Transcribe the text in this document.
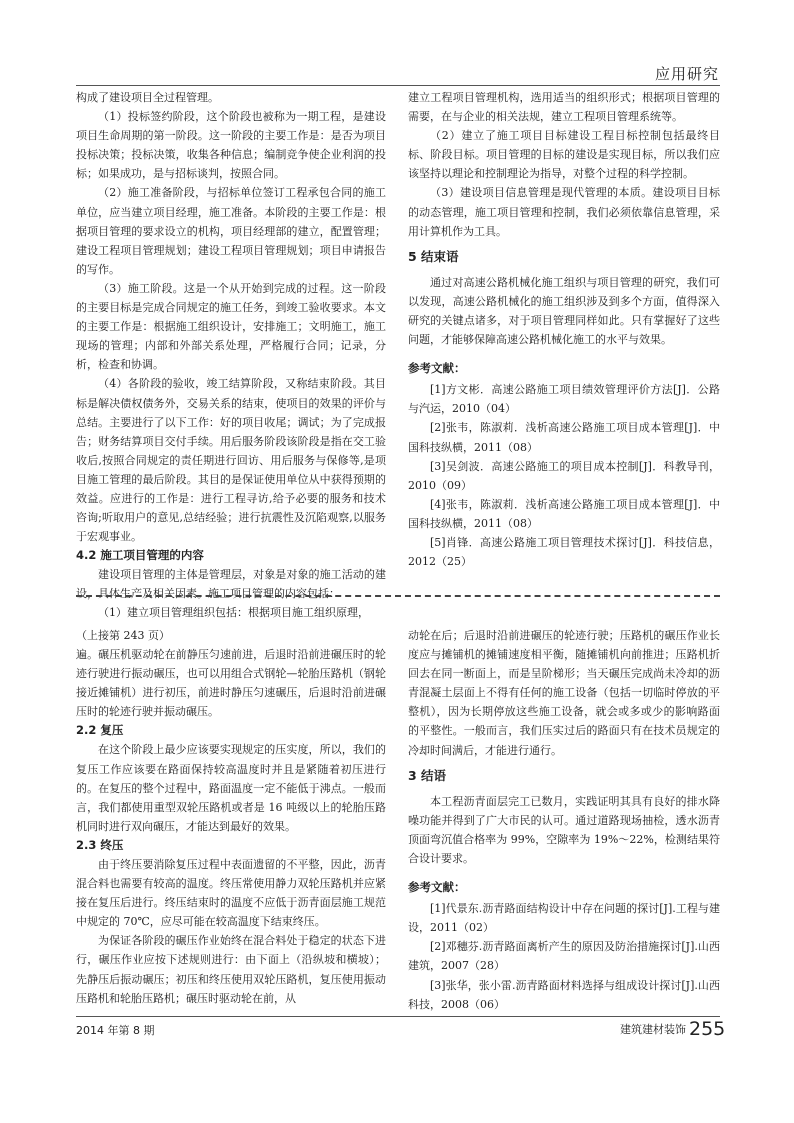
应用研究

构成了建设项目全过程管理。

（1）投标签约阶段，这个阶段也被称为一期工程，是建设项目生命周期的第一阶段。这一阶段的主要工作是：是否为项目投标决策；投标决策，收集各种信息；编制竞争使企业利润的投标；如果成功，是与招标谈判，按照合同。

（2）施工准备阶段，与招标单位签订工程承包合同的施工单位，应当建立项目经理，施工准备。本阶段的主要工作是：根据项目管理的要求设立的机构，项目经理部的建立，配置管理；建设工程项目管理规划；建设工程项目管理规划；项目申请报告的写作。

（3）施工阶段。这是一个从开始到完成的过程。这一阶段的主要目标是完成合同规定的施工任务，到竣工验收要求。本文的主要工作是：根据施工组织设计，安排施工；文明施工，施工现场的管理；内部和外部关系处理，严格履行合同；记录，分析，检查和协调。

（4）各阶段的验收，竣工结算阶段，又称结束阶段。其目标是解决债权债务外，交易关系的结束，使项目的效果的评价与总结。主要进行了以下工作：好的项目收尾；调试；为了完成报告；财务结算项目交付手续。用后服务阶段该阶段是指在交工验收后,按照合同规定的责任期进行回访、用后服务与保修等,是项目施工管理的最后阶段。其目的是保证使用单位从中获得预期的效益。应进行的工作是：进行工程寻访,给予必要的服务和技术咨询;听取用户的意见,总结经验；进行抗震性及沉陷观察,以服务于宏观事业。

4.2 施工项目管理的内容

建设项目管理的主体是管理层，对象是对象的施工活动的建设，具体生产及相关因素。施工项目管理的内容包括：

（1）建立项目管理组织包括：根据项目施工组织原理，

建立工程项目管理机构，选用适当的组织形式；根据项目管理的需要，在与企业的相关法规，建立工程项目管理系统等。

（2）建立了施工项目目标建设工程目标控制包括最终目标、阶段目标。项目管理的目标的建设是实现目标，所以我们应该坚持以理论和控制理论为指导，对整个过程的科学控制。

（3）建设项目信息管理是现代管理的本质。建设项目目标的动态管理，施工项目管理和控制，我们必须依靠信息管理，采用计算机作为工具。

5 结束语

通过对高速公路机械化施工组织与项目管理的研究，我们可以发现，高速公路机械化的施工组织涉及到多个方面，值得深入研究的关键点诸多，对于项目管理同样如此。只有掌握好了这些问题，才能够保障高速公路机械化施工的水平与效果。

参考文献：

[1]方文彬．高速公路施工项目绩效管理评价方法[J]．公路与汽运，2010（04）

[2]张韦，陈淑莉．浅析高速公路施工项目成本管理[J]．中国科技纵横，2011（08）

[3]吴剑波．高速公路施工的项目成本控制[J]．科教导刊，2010（09）

[4]张韦，陈淑莉．浅析高速公路施工项目成本管理[J]．中国科技纵横，2011（08）

[5]肖锋．高速公路施工项目管理技术探讨[J]．科技信息，2012（25）

（上接第 243 页）

遍。碾压机驱动轮在前静压匀速前进，后退时沿前进碾压时的轮迹行驶进行振动碾压，也可以用组合式钢轮—轮胎压路机（钢轮接近摊铺机）进行初压，前进时静压匀速碾压，后退时沿前进碾压时的轮迹行驶并振动碾压。

2.2 复压

在这个阶段上最少应该要实现规定的压实度，所以，我们的复压工作应该要在路面保持较高温度时并且是紧随着初压进行的。在复压的整个过程中，路面温度一定不能低于沸点。一般而言，我们都使用重型双轮压路机或者是 16 吨级以上的轮胎压路机同时进行双向碾压，才能达到最好的效果。

2.3 终压

由于终压要消除复压过程中表面遗留的不平整，因此，沥青混合料也需要有较高的温度。终压常使用静力双轮压路机并应紧接在复压后进行。终压结束时的温度不应低于沥青面层施工规范中规定的 70℃，应尽可能在较高温度下结束终压。

为保证各阶段的碾压作业始终在混合料处于稳定的状态下进行，碾压作业应按下述规则进行：由下面上（沿纵坡和横坡）；先静压后振动碾压；初压和终压使用双轮压路机，复压使用振动压路机和轮胎压路机；碾压时驱动轮在前，从

动轮在后；后退时沿前进碾压的轮迹行驶；压路机的碾压作业长度应与摊铺机的摊铺速度相平衡，随摊铺机向前推进；压路机折回去在同一断面上，而是呈阶梯形；当天碾压完成尚未冷却的沥青混凝土层面上不得有任何的施工设备（包括一切临时停放的平整机），因为长期停放这些施工设备，就会或多或少的影响路面的平整性。一般而言，我们压实过后的路面只有在技术员规定的冷却时间满后，才能进行通行。

3 结语

本工程沥青面层完工已数月，实践证明其具有良好的排水降噪功能并得到了广大市民的认可。通过道路现场抽检，透水沥青顶面弯沉值合格率为 99%，空隙率为 19%～22%，检测结果符合设计要求。

参考文献：

[1]代景东.沥青路面结构设计中存在问题的探讨[J].工程与建设，2011（02）

[2]邓穗芬.沥青路面离析产生的原因及防治措施探讨[J].山西建筑，2007（28）

[3]张华，张小雷.沥青路面材料选择与组成设计探讨[J].山西科技，2008（06）

2014 年第 8 期	建筑建材装饰 255
